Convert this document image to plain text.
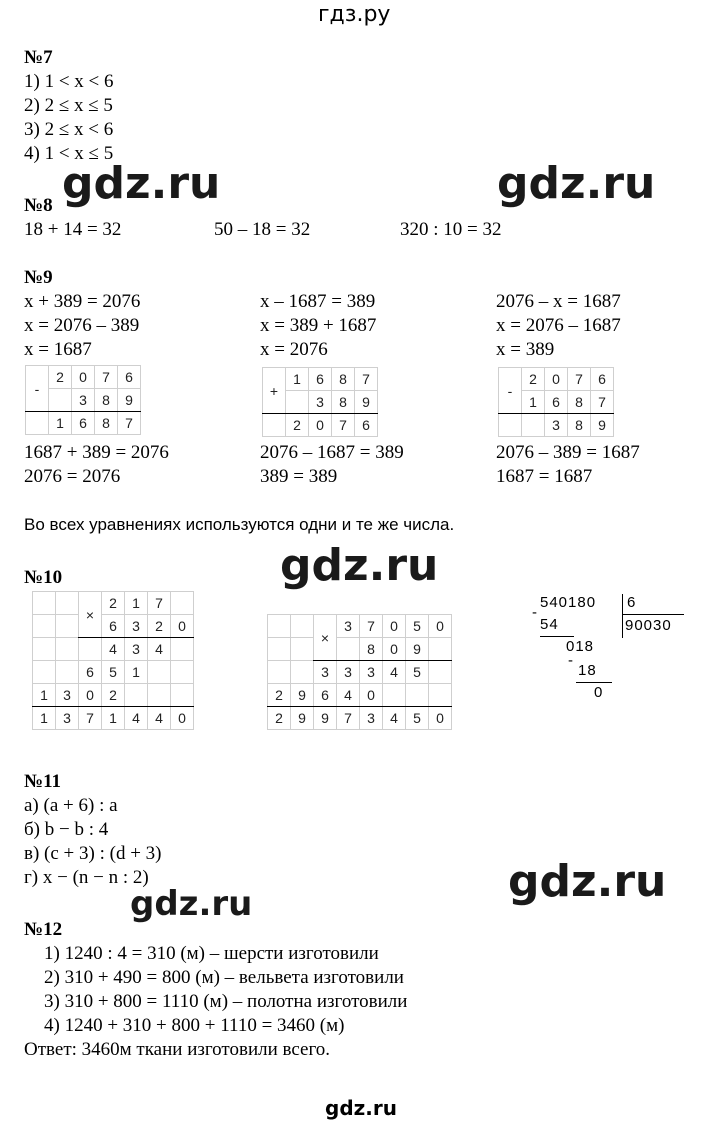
гдз.ру
№7
1) 1 < x < 6
2) 2 ≤ x ≤ 5
3) 2 ≤ x < 6
4) 1 < x ≤ 5
gdz.ru	gdz.ru
№8
18 + 14 = 32	50 – 18 = 32	320 : 10 = 32
№9
x + 389 = 2076
x = 2076 – 389
x = 1687
x – 1687 = 389
x = 389 + 1687
x = 2076
2076 – x = 1687
x = 2076 – 1687
x = 389
-	2	0	7	6
		3	8	9
	1	6	8	7
+	1	6	8	7
		3	8	9
	2	0	7	6
-	2	0	7	6
	1	6	8	7
		3	8	9
1687 + 389 = 2076
2076 = 2076
2076 – 1687 = 389
389 = 389
2076 – 389 = 1687
1687 = 1687
Во всех уравнениях используются одни и те же числа.
gdz.ru
№10
		×	2	1	7	
			6	3	2	0
			4	3	4	
		6	5	1		
1	3	0	2			
1	3	7	1	4	4	0
		×	3	7	0	5	0
				8	0	9	
		3	3	3	4	5	
2	9	6	4	0			
2	9	9	7	3	4	5	0
540180 6
90030
-
54
018
-
18
0
№11
а) (a + 6) : a
б) b − b : 4
в) (c + 3) : (d + 3)
г) x − (n − n : 2)	gdz.ru
gdz.ru
№12
1) 1240 : 4 = 310 (м) – шерсти изготовили
2) 310 + 490 = 800 (м) – вельвета изготовили
3) 310 + 800 = 1110 (м) – полотна изготовили
4) 1240 + 310 + 800 + 1110 = 3460 (м)
Ответ: 3460м ткани изготовили всего.
gdz.ru
